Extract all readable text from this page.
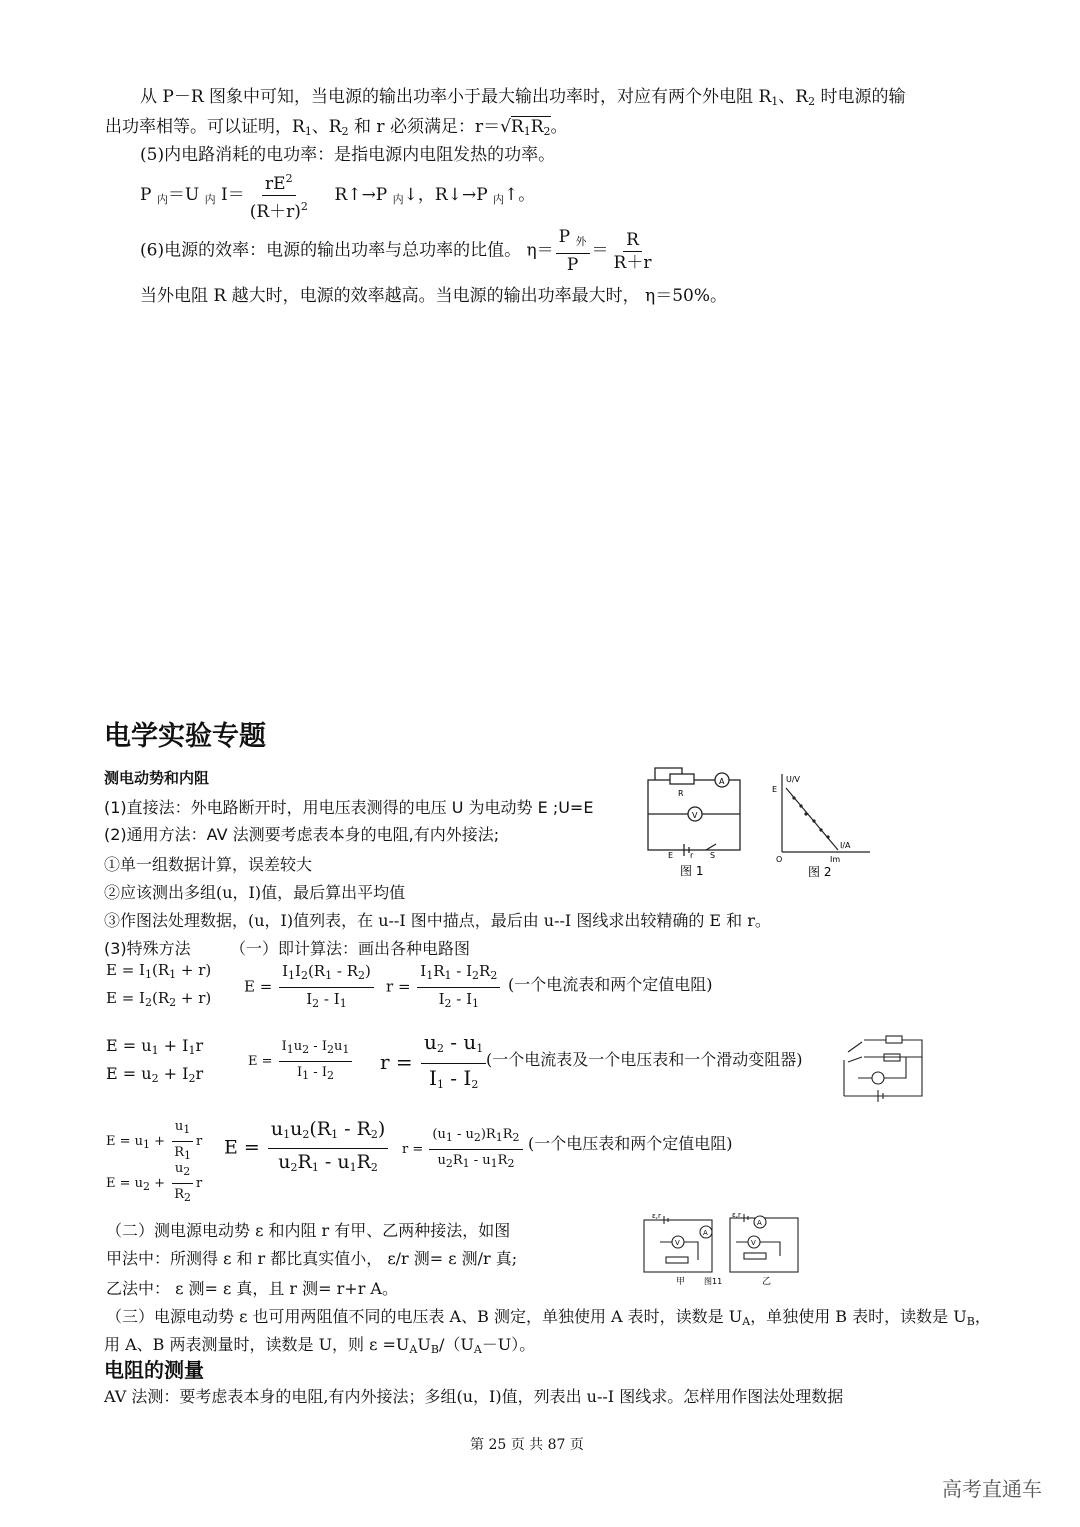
从 P－R 图象中可知，当电源的输出功率小于最大输出功率时，对应有两个外电阻 $R_1$、$R_2$ 时电源的输
出功率相等。可以证明，$R_1$、$R_2$ 和 r 必须满足：$r=√R_1R_2$。
(5)内电路消耗的电功率：是指电源内电阻发热的功率。
P $_内$＝U $_内$ $I= \frac{rE^2}{(R+r)^2}$ R↑→P $_内$↓，R↓→P $_内$↑。
(6)电源的效率：电源的输出功率与总功率的比值。 $\eta= \frac{P _外}{P} = \frac{R}{R+r}$
当外电阻 R 越大时，电源的效率越高。当电源的输出功率最大时， η＝50%。
电学实验专题
测电动势和内阻
(1)直接法：外电路断开时，用电压表测得的电压 U 为电动势 E ;U=E
(2)通用方法：AV 法测要考虑表本身的电阻,有内外接法;
①单一组数据计算，误差较大
②应该测出多组(u，I)值，最后算出平均值
③作图法处理数据，(u，I)值列表，在 u--I 图中描点，最后由 u--I 图线求出较精确的 E 和 r。
(3)特殊方法 （一）即计算法：画出各种电路图
A
V
R
E r S
图 1
U/V
I/A
E
O	Im
图 2
$E = I_1(R_1 + r)$
$E = I_2(R_2 + r)$
$E = \frac{I_1I_2(R_1 - R_2)}{I_2 - I_1}$ $r = \frac{I_1R_1 - I_2R_2}{I_2 - I_1}$ (一个电流表和两个定值电阻)
$E = u_1 + I_1r$
$E = u_2 + I_2r$
$E = \frac{I_1u_2 - I_2u_1}{I_1 - I_2}$ $r = \frac{u_2 - u_1}{I_1 - I_2}$ (一个电流表及一个电压表和一个滑动变阻器)
$E = u_1 + \frac{u_1}{R_1}$ r
$E = u_2 + \frac{u_2}{R_2}$ r
$E = \frac{u_1u_2(R_1 - R_2)}{u_2R_1 - u_1R_2}$ $r = \frac{(u_1 - u_2)R_1R_2}{u_2R_1 - u_1R_2}$ (一个电压表和两个定值电阻)
（二）测电源电动势 ε 和内阻 r 有甲、乙两种接法，如图
甲法中：所测得 ε 和 r 都比真实值小， ε/r 测= ε 测/r 真;
乙法中： ε 测= ε 真，且 r 测= r+r A。
A
V
A
V
ε,r	ε,r
甲 图11	乙
（三）电源电动势 ε 也可用两阻值不同的电压表 A、B 测定，单独使用 A 表时，读数是 $U_A$，单独使用 B 表时，读数是 $U_B$，
用 A、B 两表测量时，读数是 U，则 $\varepsilon =U_AU_B/(U_A-U)$。
电阻的测量
AV 法测：要考虑表本身的电阻,有内外接法；多组(u，I)值，列表出 u--I 图线求。怎样用作图法处理数据
第 25 页 共 87 页
高考直通车
